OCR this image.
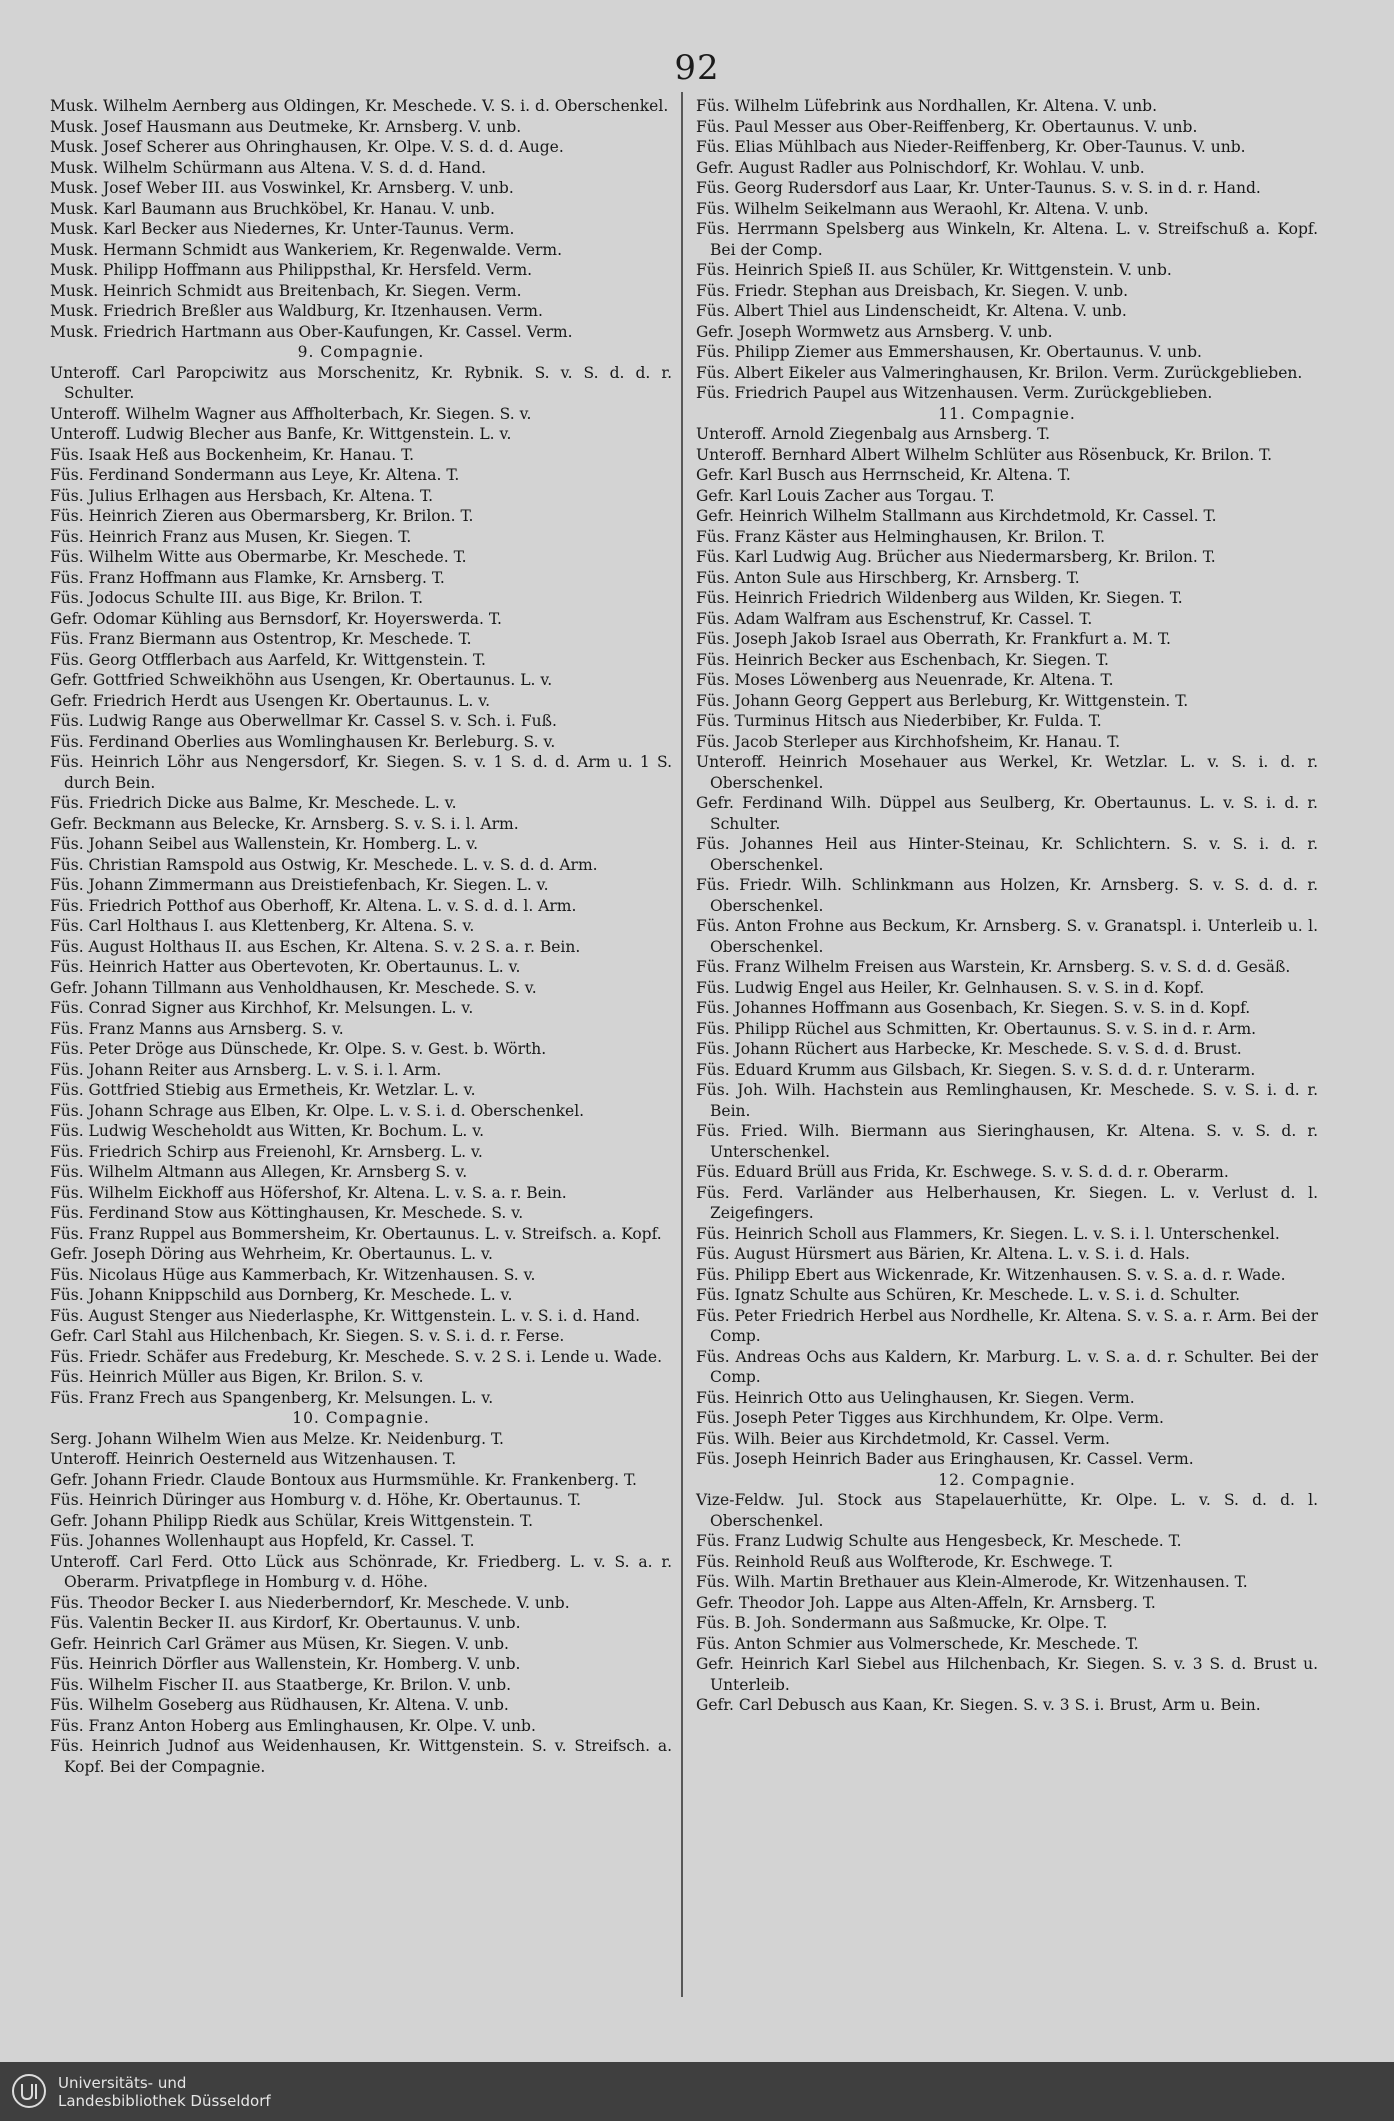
92
Musk. Wilhelm Aernberg aus Oldingen, Kr. Meschede. V. S. i. d. Oberschenkel.
Musk. Josef Hausmann aus Deutmeke, Kr. Arnsberg. V. unb.
Musk. Josef Scherer aus Ohringhausen, Kr. Olpe. V. S. d. d. Auge.
Musk. Wilhelm Schürmann aus Altena. V. S. d. d. Hand.
Musk. Josef Weber III. aus Voswinkel, Kr. Arnsberg. V. unb.
Musk. Karl Baumann aus Bruchköbel, Kr. Hanau. V. unb.
Musk. Karl Becker aus Niedernes, Kr. Unter-Taunus. Verm.
Musk. Hermann Schmidt aus Wankeriem, Kr. Regenwalde. Verm.
Musk. Philipp Hoffmann aus Philippsthal, Kr. Hersfeld. Verm.
Musk. Heinrich Schmidt aus Breitenbach, Kr. Siegen. Verm.
Musk. Friedrich Breßler aus Waldburg, Kr. Itzenhausen. Verm.
Musk. Friedrich Hartmann aus Ober-Kaufungen, Kr. Cassel. Verm.
9. Compagnie.
Unteroff. Carl Paropciwitz aus Morschenitz, Kr. Rybnik. S. v. S. d. d. r. Schulter.
Unteroff. Wilhelm Wagner aus Affholterbach, Kr. Siegen. S. v.
Unteroff. Ludwig Blecher aus Banfe, Kr. Wittgenstein. L. v.
Füs. Isaak Heß aus Bockenheim, Kr. Hanau. T.
Füs. Ferdinand Sondermann aus Leye, Kr. Altena. T.
Füs. Julius Erlhagen aus Hersbach, Kr. Altena. T.
Füs. Heinrich Zieren aus Obermarsberg, Kr. Brilon. T.
Füs. Heinrich Franz aus Musen, Kr. Siegen. T.
Füs. Wilhelm Witte aus Obermarbe, Kr. Meschede. T.
Füs. Franz Hoffmann aus Flamke, Kr. Arnsberg. T.
Füs. Jodocus Schulte III. aus Bige, Kr. Brilon. T.
Gefr. Odomar Kühling aus Bernsdorf, Kr. Hoyerswerda. T.
Füs. Franz Biermann aus Ostentrop, Kr. Meschede. T.
Füs. Georg Otfflerbach aus Aarfeld, Kr. Wittgenstein. T.
Gefr. Gottfried Schweikhöhn aus Usengen, Kr. Obertaunus. L. v.
Gefr. Friedrich Herdt aus Usengen Kr. Obertaunus. L. v.
Füs. Ludwig Range aus Oberwellmar Kr. Cassel S. v. Sch. i. Fuß.
Füs. Ferdinand Oberlies aus Womlinghausen Kr. Berleburg. S. v.
Füs. Heinrich Löhr aus Nengersdorf, Kr. Siegen. S. v. 1 S. d. d. Arm u. 1 S. durch Bein.
Füs. Friedrich Dicke aus Balme, Kr. Meschede. L. v.
Gefr. Beckmann aus Belecke, Kr. Arnsberg. S. v. S. i. l. Arm.
Füs. Johann Seibel aus Wallenstein, Kr. Homberg. L. v.
Füs. Christian Ramspold aus Ostwig, Kr. Meschede. L. v. S. d. d. Arm.
Füs. Johann Zimmermann aus Dreistiefenbach, Kr. Siegen. L. v.
Füs. Friedrich Potthof aus Oberhoff, Kr. Altena. L. v. S. d. d. l. Arm.
Füs. Carl Holthaus I. aus Klettenberg, Kr. Altena. S. v.
Füs. August Holthaus II. aus Eschen, Kr. Altena. S. v. 2 S. a. r. Bein.
Füs. Heinrich Hatter aus Obertevoten, Kr. Obertaunus. L. v.
Gefr. Johann Tillmann aus Venholdhausen, Kr. Meschede. S. v.
Füs. Conrad Signer aus Kirchhof, Kr. Melsungen. L. v.
Füs. Franz Manns aus Arnsberg. S. v.
Füs. Peter Dröge aus Dünschede, Kr. Olpe. S. v. Gest. b. Wörth.
Füs. Johann Reiter aus Arnsberg. L. v. S. i. l. Arm.
Füs. Gottfried Stiebig aus Ermetheis, Kr. Wetzlar. L. v.
Füs. Johann Schrage aus Elben, Kr. Olpe. L. v. S. i. d. Oberschenkel.
Füs. Ludwig Wescheholdt aus Witten, Kr. Bochum. L. v.
Füs. Friedrich Schirp aus Freienohl, Kr. Arnsberg. L. v.
Füs. Wilhelm Altmann aus Allegen, Kr. Arnsberg S. v.
Füs. Wilhelm Eickhoff aus Höfershof, Kr. Altena. L. v. S. a. r. Bein.
Füs. Ferdinand Stow aus Köttinghausen, Kr. Meschede. S. v.
Füs. Franz Ruppel aus Bommersheim, Kr. Obertaunus. L. v. Streifsch. a. Kopf.
Gefr. Joseph Döring aus Wehrheim, Kr. Obertaunus. L. v.
Füs. Nicolaus Hüge aus Kammerbach, Kr. Witzenhausen. S. v.
Füs. Johann Knippschild aus Dornberg, Kr. Meschede. L. v.
Füs. August Stenger aus Niederlasphe, Kr. Wittgenstein. L. v. S. i. d. Hand.
Gefr. Carl Stahl aus Hilchenbach, Kr. Siegen. S. v. S. i. d. r. Ferse.
Füs. Friedr. Schäfer aus Fredeburg, Kr. Meschede. S. v. 2 S. i. Lende u. Wade.
Füs. Heinrich Müller aus Bigen, Kr. Brilon. S. v.
Füs. Franz Frech aus Spangenberg, Kr. Melsungen. L. v.
10. Compagnie.
Serg. Johann Wilhelm Wien aus Melze. Kr. Neidenburg. T.
Unteroff. Heinrich Oesterneld aus Witzenhausen. T.
Gefr. Johann Friedr. Claude Bontoux aus Hurmsmühle. Kr. Frankenberg. T.
Füs. Heinrich Düringer aus Homburg v. d. Höhe, Kr. Obertaunus. T.
Gefr. Johann Philipp Riedk aus Schülar, Kreis Wittgenstein. T.
Füs. Johannes Wollenhaupt aus Hopfeld, Kr. Cassel. T.
Unteroff. Carl Ferd. Otto Lück aus Schönrade, Kr. Friedberg. L. v. S. a. r. Oberarm. Privatpflege in Homburg v. d. Höhe.
Füs. Theodor Becker I. aus Niederberndorf, Kr. Meschede. V. unb.
Füs. Valentin Becker II. aus Kirdorf, Kr. Obertaunus. V. unb.
Gefr. Heinrich Carl Grämer aus Müsen, Kr. Siegen. V. unb.
Füs. Heinrich Dörfler aus Wallenstein, Kr. Homberg. V. unb.
Füs. Wilhelm Fischer II. aus Staatberge, Kr. Brilon. V. unb.
Füs. Wilhelm Goseberg aus Rüdhausen, Kr. Altena. V. unb.
Füs. Franz Anton Hoberg aus Emlinghausen, Kr. Olpe. V. unb.
Füs. Heinrich Judnof aus Weidenhausen, Kr. Wittgenstein. S. v. Streifsch. a. Kopf. Bei der Compagnie.
Füs. Wilhelm Lüfebrink aus Nordhallen, Kr. Altena. V. unb.
Füs. Paul Messer aus Ober-Reiffenberg, Kr. Obertaunus. V. unb.
Füs. Elias Mühlbach aus Nieder-Reiffenberg, Kr. Ober-Taunus. V. unb.
Gefr. August Radler aus Polnischdorf, Kr. Wohlau. V. unb.
Füs. Georg Rudersdorf aus Laar, Kr. Unter-Taunus. S. v. S. in d. r. Hand.
Füs. Wilhelm Seikelmann aus Weraohl, Kr. Altena. V. unb.
Füs. Herrmann Spelsberg aus Winkeln, Kr. Altena. L. v. Streifschuß a. Kopf. Bei der Comp.
Füs. Heinrich Spieß II. aus Schüler, Kr. Wittgenstein. V. unb.
Füs. Friedr. Stephan aus Dreisbach, Kr. Siegen. V. unb.
Füs. Albert Thiel aus Lindenscheidt, Kr. Altena. V. unb.
Gefr. Joseph Wormwetz aus Arnsberg. V. unb.
Füs. Philipp Ziemer aus Emmershausen, Kr. Obertaunus. V. unb.
Füs. Albert Eikeler aus Valmeringhausen, Kr. Brilon. Verm. Zurückgeblieben.
Füs. Friedrich Paupel aus Witzenhausen. Verm. Zurückgeblieben.
11. Compagnie.
Unteroff. Arnold Ziegenbalg aus Arnsberg. T.
Unteroff. Bernhard Albert Wilhelm Schlüter aus Rösenbuck, Kr. Brilon. T.
Gefr. Karl Busch aus Herrnscheid, Kr. Altena. T.
Gefr. Karl Louis Zacher aus Torgau. T.
Gefr. Heinrich Wilhelm Stallmann aus Kirchdetmold, Kr. Cassel. T.
Füs. Franz Käster aus Helminghausen, Kr. Brilon. T.
Füs. Karl Ludwig Aug. Brücher aus Niedermarsberg, Kr. Brilon. T.
Füs. Anton Sule aus Hirschberg, Kr. Arnsberg. T.
Füs. Heinrich Friedrich Wildenberg aus Wilden, Kr. Siegen. T.
Füs. Adam Walfram aus Eschenstruf, Kr. Cassel. T.
Füs. Joseph Jakob Israel aus Oberrath, Kr. Frankfurt a. M. T.
Füs. Heinrich Becker aus Eschenbach, Kr. Siegen. T.
Füs. Moses Löwenberg aus Neuenrade, Kr. Altena. T.
Füs. Johann Georg Geppert aus Berleburg, Kr. Wittgenstein. T.
Füs. Turminus Hitsch aus Niederbiber, Kr. Fulda. T.
Füs. Jacob Sterleper aus Kirchhofsheim, Kr. Hanau. T.
Unteroff. Heinrich Mosehauer aus Werkel, Kr. Wetzlar. L. v. S. i. d. r. Oberschenkel.
Gefr. Ferdinand Wilh. Düppel aus Seulberg, Kr. Obertaunus. L. v. S. i. d. r. Schulter.
Füs. Johannes Heil aus Hinter-Steinau, Kr. Schlichtern. S. v. S. i. d. r. Oberschenkel.
Füs. Friedr. Wilh. Schlinkmann aus Holzen, Kr. Arnsberg. S. v. S. d. d. r. Oberschenkel.
Füs. Anton Frohne aus Beckum, Kr. Arnsberg. S. v. Granatspl. i. Unterleib u. l. Oberschenkel.
Füs. Franz Wilhelm Freisen aus Warstein, Kr. Arnsberg. S. v. S. d. d. Gesäß.
Füs. Ludwig Engel aus Heiler, Kr. Gelnhausen. S. v. S. in d. Kopf.
Füs. Johannes Hoffmann aus Gosenbach, Kr. Siegen. S. v. S. in d. Kopf.
Füs. Philipp Rüchel aus Schmitten, Kr. Obertaunus. S. v. S. in d. r. Arm.
Füs. Johann Rüchert aus Harbecke, Kr. Meschede. S. v. S. d. d. Brust.
Füs. Eduard Krumm aus Gilsbach, Kr. Siegen. S. v. S. d. d. r. Unterarm.
Füs. Joh. Wilh. Hachstein aus Remlinghausen, Kr. Meschede. S. v. S. i. d. r. Bein.
Füs. Fried. Wilh. Biermann aus Sieringhausen, Kr. Altena. S. v. S. d. r. Unterschenkel.
Füs. Eduard Brüll aus Frida, Kr. Eschwege. S. v. S. d. d. r. Oberarm.
Füs. Ferd. Varländer aus Helberhausen, Kr. Siegen. L. v. Verlust d. l. Zeigefingers.
Füs. Heinrich Scholl aus Flammers, Kr. Siegen. L. v. S. i. l. Unterschenkel.
Füs. August Hürsmert aus Bärien, Kr. Altena. L. v. S. i. d. Hals.
Füs. Philipp Ebert aus Wickenrade, Kr. Witzenhausen. S. v. S. a. d. r. Wade.
Füs. Ignatz Schulte aus Schüren, Kr. Meschede. L. v. S. i. d. Schulter.
Füs. Peter Friedrich Herbel aus Nordhelle, Kr. Altena. S. v. S. a. r. Arm. Bei der Comp.
Füs. Andreas Ochs aus Kaldern, Kr. Marburg. L. v. S. a. d. r. Schulter. Bei der Comp.
Füs. Heinrich Otto aus Uelinghausen, Kr. Siegen. Verm.
Füs. Joseph Peter Tigges aus Kirchhundem, Kr. Olpe. Verm.
Füs. Wilh. Beier aus Kirchdetmold, Kr. Cassel. Verm.
Füs. Joseph Heinrich Bader aus Eringhausen, Kr. Cassel. Verm.
12. Compagnie.
Vize-Feldw. Jul. Stock aus Stapelauerhütte, Kr. Olpe. L. v. S. d. d. l. Oberschenkel.
Füs. Franz Ludwig Schulte aus Hengesbeck, Kr. Meschede. T.
Füs. Reinhold Reuß aus Wolfterode, Kr. Eschwege. T.
Füs. Wilh. Martin Brethauer aus Klein-Almerode, Kr. Witzenhausen. T.
Gefr. Theodor Joh. Lappe aus Alten-Affeln, Kr. Arnsberg. T.
Füs. B. Joh. Sondermann aus Saßmucke, Kr. Olpe. T.
Füs. Anton Schmier aus Volmerschede, Kr. Meschede. T.
Gefr. Heinrich Karl Siebel aus Hilchenbach, Kr. Siegen. S. v. 3 S. d. Brust u. Unterleib.
Gefr. Carl Debusch aus Kaan, Kr. Siegen. S. v. 3 S. i. Brust, Arm u. Bein.
Universitäts- und
Landesbibliothek Düsseldorf
